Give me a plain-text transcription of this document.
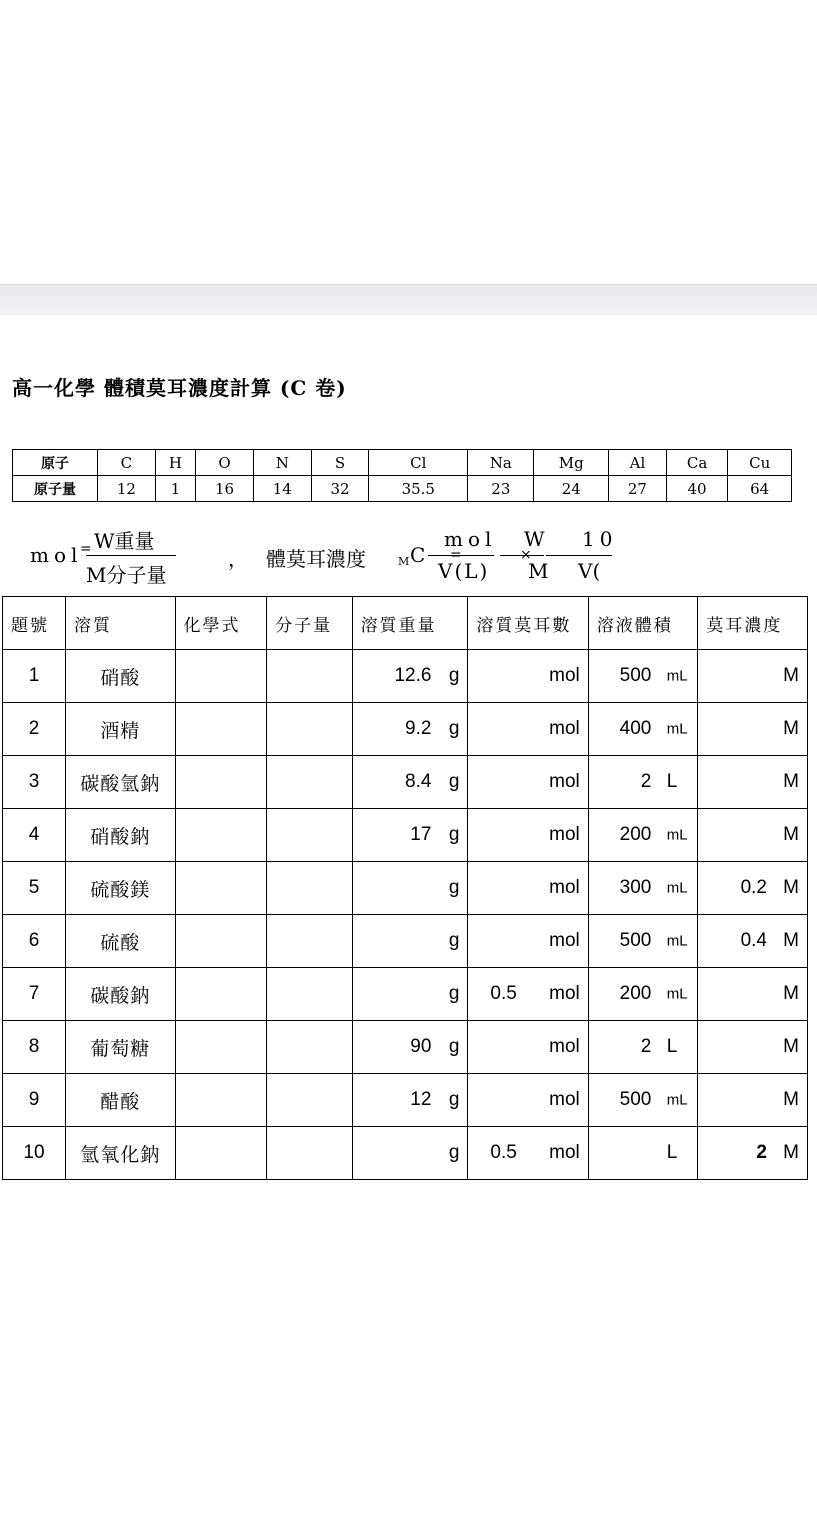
高一化學 體積莫耳濃度計算 (C 卷)
原子	C	H	O	N	S	Cl	Na	Mg	Al	Ca	Cu
原子量	12	1	16	14	32	35.5	23	24	27	40	64
mol
= W重量
M分子量
， 體莫耳濃度	M C
mol
=
V(L)
W
×
M
10
V(
題號	溶質	化學式	分子量	溶質重量	溶質莫耳數	溶液體積	莫耳濃度
1	硝酸			12.6 g	mol	500 mL	M

2	酒精			9.2 g	mol	400 mL	M

3	碳酸氫鈉			8.4 g	mol	2 L	M

4	硝酸鈉			17 g	mol	200 mL	M

5	硫酸鎂			g	mol	300 mL	0.2 M

6	硫酸			g	mol	500 mL	0.4 M

7	碳酸鈉			g	0.5 mol	200 mL	M

8	葡萄糖			90 g	mol	2 L	M

9	醋酸			12 g	mol	500 mL	M

10	氫氧化鈉			g	0.5 mol	L	2 M
